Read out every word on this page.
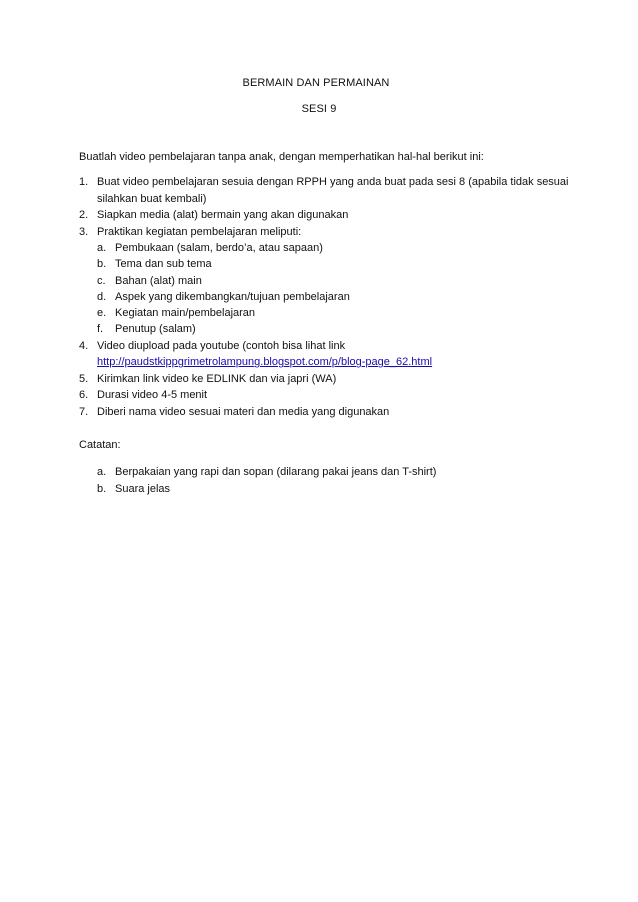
BERMAIN DAN PERMAINAN
SESI 9
Buatlah video pembelajaran tanpa anak, dengan memperhatikan hal-hal berikut ini:
1. Buat video pembelajaran sesuia dengan RPPH yang anda buat pada sesi 8 (apabila tidak sesuai silahkan buat kembali)
2. Siapkan media (alat) bermain yang akan digunakan
3. Praktikan kegiatan pembelajaran meliputi:
a. Pembukaan (salam, berdo’a, atau sapaan)
b. Tema dan sub tema
c. Bahan (alat) main
d. Aspek yang dikembangkan/tujuan pembelajaran
e. Kegiatan main/pembelajaran
f. Penutup (salam)
4. Video diupload pada youtube (contoh bisa lihat link
http://paudstkippgrimetrolampung.blogspot.com/p/blog-page_62.html
5. Kirimkan link video ke EDLINK dan via japri (WA)
6. Durasi video 4-5 menit
7. Diberi nama video sesuai materi dan media yang digunakan
Catatan:
a. Berpakaian yang rapi dan sopan (dilarang pakai jeans dan T-shirt)
b. Suara jelas
